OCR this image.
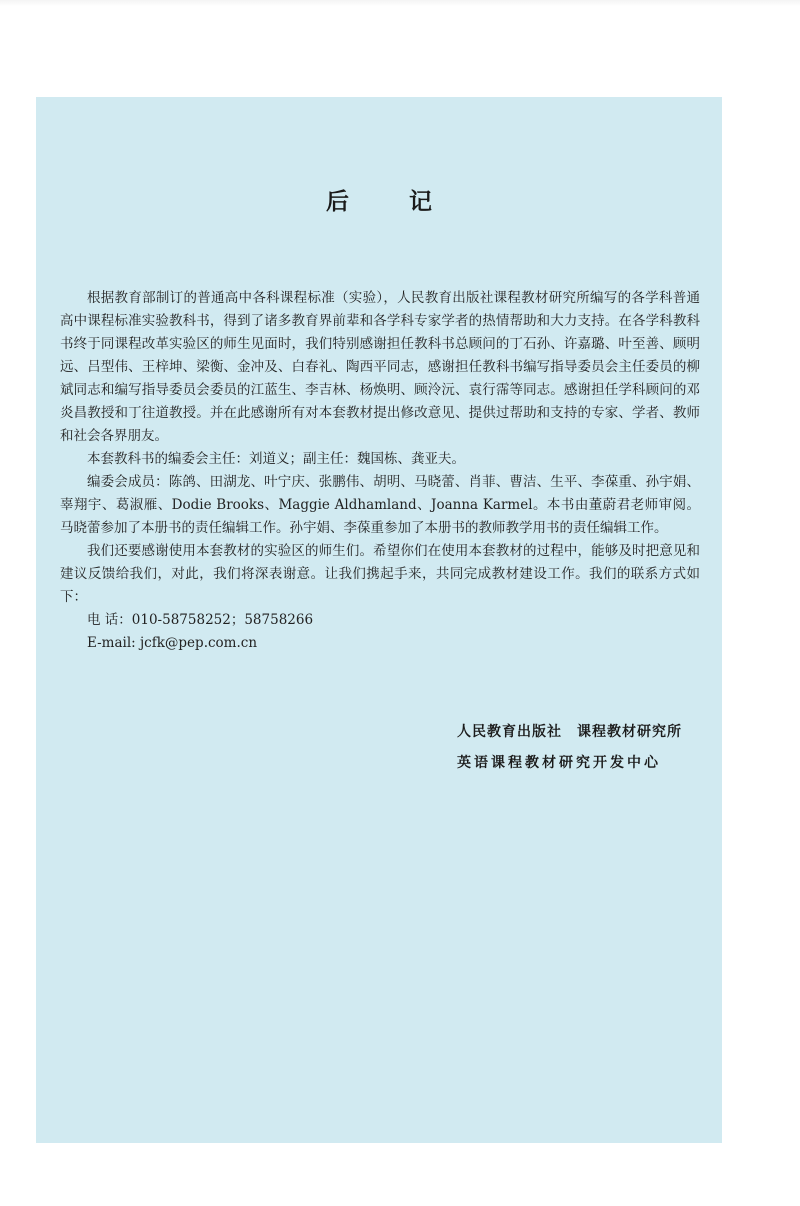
后 记

根据教育部制订的普通高中各科课程标准（实验），人民教育出版社课程教材研究所编写的各学科普通高中课程标准实验教科书，得到了诸多教育界前辈和各学科专家学者的热情帮助和大力支持。在各学科教科书终于同课程改革实验区的师生见面时，我们特别感谢担任教科书总顾问的丁石孙、许嘉璐、叶至善、顾明远、吕型伟、王梓坤、梁衡、金冲及、白春礼、陶西平同志，感谢担任教科书编写指导委员会主任委员的柳斌同志和编写指导委员会委员的江蓝生、李吉林、杨焕明、顾泠沅、袁行霈等同志。感谢担任学科顾问的邓炎昌教授和丁往道教授。并在此感谢所有对本套教材提出修改意见、提供过帮助和支持的专家、学者、教师和社会各界朋友。

本套教科书的编委会主任：刘道义；副主任：魏国栋、龚亚夫。

编委会成员：陈鸽、田湖龙、叶宁庆、张鹏伟、胡明、马晓蕾、肖菲、曹洁、生平、李葆重、孙宇娟、辜翔宇、葛淑雁、Dodie Brooks、Maggie Aldhamland、Joanna Karmel。本书由董蔚君老师审阅。马晓蕾参加了本册书的责任编辑工作。孙宇娟、李葆重参加了本册书的教师教学用书的责任编辑工作。

我们还要感谢使用本套教材的实验区的师生们。希望你们在使用本套教材的过程中，能够及时把意见和建议反馈给我们，对此，我们将深表谢意。让我们携起手来，共同完成教材建设工作。我们的联系方式如下：

电 话：010-58758252；58758266

E-mail: jcfk@pep.com.cn

人民教育出版社　课程教材研究所
英语课程教材研究开发中心
